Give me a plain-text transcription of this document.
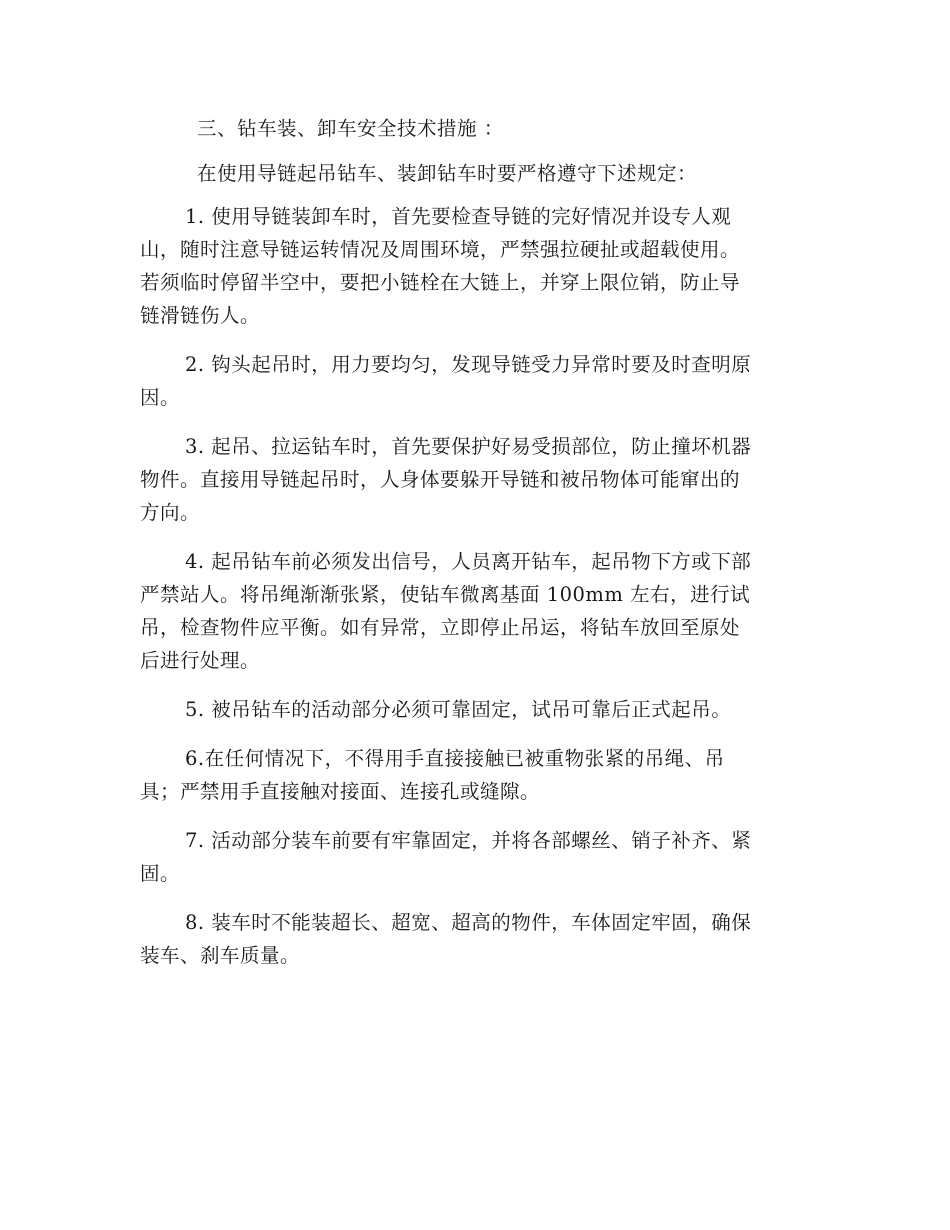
三、钻车装、卸车安全技术措施 ：

在使用导链起吊钻车、装卸钻车时要严格遵守下述规定：

1. 使用导链装卸车时，首先要检查导链的完好情况并设专人观
山，随时注意导链运转情况及周围环境，严禁强拉硬扯或超载使用。
若须临时停留半空中，要把小链栓在大链上，并穿上限位销，防止导
链滑链伤人。
2. 钩头起吊时，用力要均匀，发现导链受力异常时要及时查明原
因。
3. 起吊、拉运钻车时，首先要保护好易受损部位，防止撞坏机器
物件。直接用导链起吊时，人身体要躲开导链和被吊物体可能窜出的
方向。
4. 起吊钻车前必须发出信号，人员离开钻车，起吊物下方或下部
严禁站人。将吊绳渐渐张紧，使钻车微离基面 100mm 左右，进行试
吊，检查物件应平衡。如有异常，立即停止吊运，将钻车放回至原处
后进行处理。
5. 被吊钻车的活动部分必须可靠固定，试吊可靠后正式起吊。
6.在任何情况下，不得用手直接接触已被重物张紧的吊绳、吊
具；严禁用手直接触对接面、连接孔或缝隙。
7. 活动部分装车前要有牢靠固定，并将各部螺丝、销子补齐、紧
固。
8. 装车时不能装超长、超宽、超高的物件，车体固定牢固，确保
装车、刹车质量。
